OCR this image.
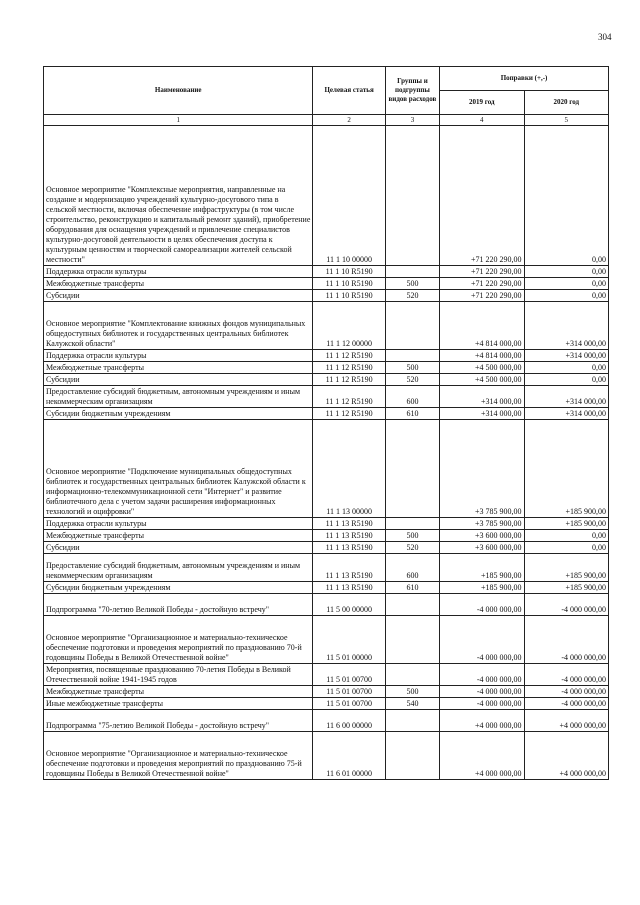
304
Наименование	Целевая статья	Группы и подгруппы видов расходов	Поправки (+,-)	
			2019 год	2020 год
1	2	3	4	5
Основное мероприятие "Комплексные мероприятия, направленные на создание и модернизацию учреждений культурно-досугового типа в сельской местности, включая обеспечение инфраструктуры (в том числе строительство, реконструкцию и капитальный ремонт зданий), приобретение оборудования для оснащения учреждений и привлечение специалистов культурно-досуговой деятельности в целях обеспечения доступа к культурным ценностям и творческой самореализации жителей сельской местности"	11 1 10 00000		+71 220 290,00	0,00
Поддержка отрасли культуры	11 1 10 R5190		+71 220 290,00	0,00
Межбюджетные трансферты	11 1 10 R5190	500	+71 220 290,00	0,00
Субсидии	11 1 10 R5190	520	+71 220 290,00	0,00
Основное мероприятие "Комплектование книжных фондов муниципальных общедоступных библиотек и государственных центральных библиотек Калужской области"	11 1 12 00000		+4 814 000,00	+314 000,00
Поддержка отрасли культуры	11 1 12 R5190		+4 814 000,00	+314 000,00
Межбюджетные трансферты	11 1 12 R5190	500	+4 500 000,00	0,00
Субсидии	11 1 12 R5190	520	+4 500 000,00	0,00
Предоставление субсидий бюджетным, автономным учреждениям и иным некоммерческим организациям	11 1 12 R5190	600	+314 000,00	+314 000,00
Субсидии бюджетным учреждениям	11 1 12 R5190	610	+314 000,00	+314 000,00
Основное мероприятие "Подключение муниципальных общедоступных библиотек и государственных центральных библиотек Калужской области к информационно-телекоммуникационной сети "Интернет" и развитие библиотечного дела с учетом задачи расширения информационных технологий и оцифровки"	11 1 13 00000		+3 785 900,00	+185 900,00
Поддержка отрасли культуры	11 1 13 R5190		+3 785 900,00	+185 900,00
Межбюджетные трансферты	11 1 13 R5190	500	+3 600 000,00	0,00
Субсидии	11 1 13 R5190	520	+3 600 000,00	0,00
Предоставление субсидий бюджетным, автономным учреждениям и иным некоммерческим организациям	11 1 13 R5190	600	+185 900,00	+185 900,00
Субсидии бюджетным учреждениям	11 1 13 R5190	610	+185 900,00	+185 900,00
Подпрограмма "70-летию Великой Победы - достойную встречу"	11 5 00 00000		-4 000 000,00	-4 000 000,00
Основное мероприятие "Организационное и материально-техническое обеспечение подготовки и проведения мероприятий по празднованию 70-й годовщины Победы в Великой Отечественной войне"	11 5 01 00000		-4 000 000,00	-4 000 000,00
Мероприятия, посвященные празднованию 70-летия Победы в Великой Отечественной войне 1941-1945 годов	11 5 01 00700		-4 000 000,00	-4 000 000,00
Межбюджетные трансферты	11 5 01 00700	500	-4 000 000,00	-4 000 000,00
Иные межбюджетные трансферты	11 5 01 00700	540	-4 000 000,00	-4 000 000,00
Подпрограмма "75-летию Великой Победы - достойную встречу"	11 6 00 00000		+4 000 000,00	+4 000 000,00
Основное мероприятие "Организационное и материально-техническое обеспечение подготовки и проведения мероприятий по празднованию 75-й годовщины Победы в Великой Отечественной войне"	11 6 01 00000		+4 000 000,00	+4 000 000,00
